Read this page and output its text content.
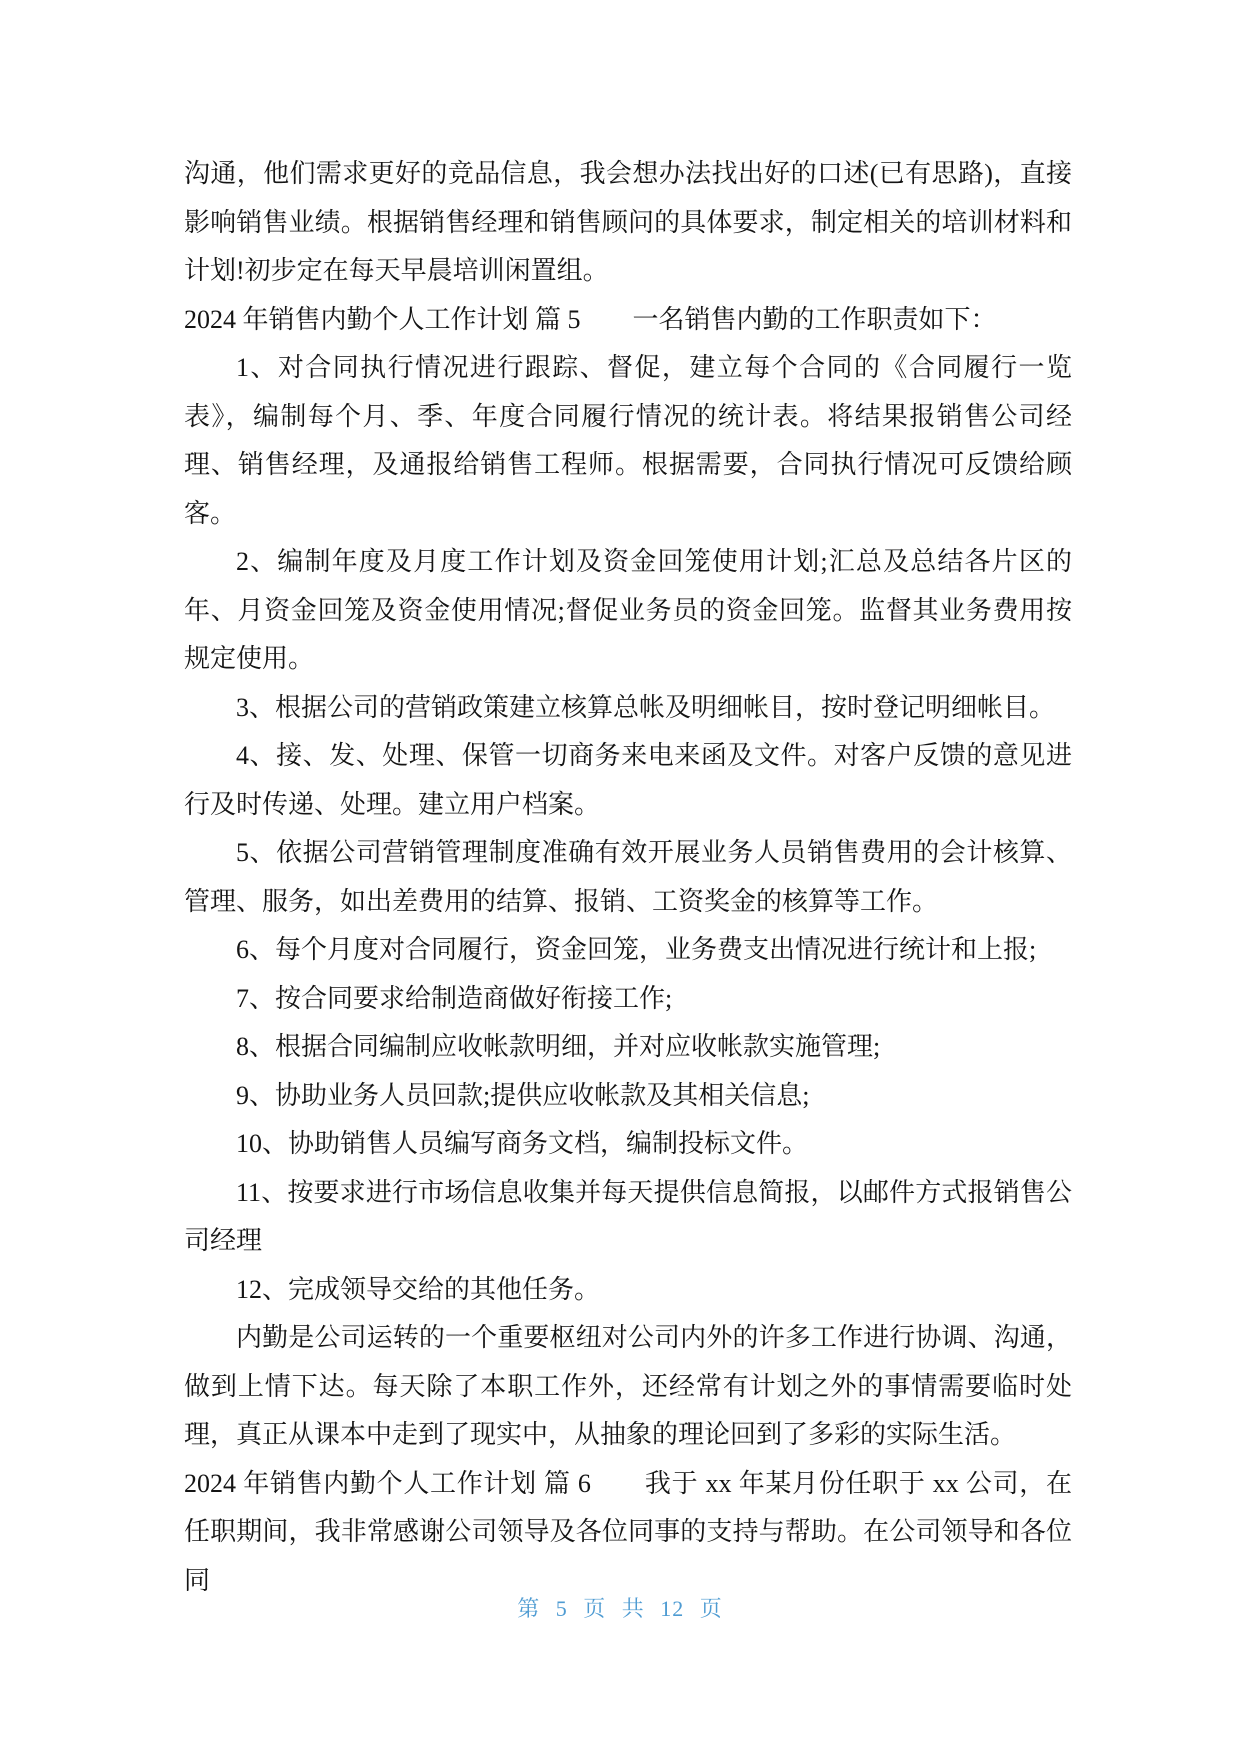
沟通，他们需求更好的竞品信息，我会想办法找出好的口述(已有思路)，直接影响销售业绩。根据销售经理和销售顾问的具体要求，制定相关的培训材料和计划!初步定在每天早晨培训闲置组。
2024 年销售内勤个人工作计划 篇 5　　一名销售内勤的工作职责如下：
1、对合同执行情况进行跟踪、督促，建立每个合同的《合同履行一览表》，编制每个月、季、年度合同履行情况的统计表。将结果报销售公司经理、销售经理，及通报给销售工程师。根据需要，合同执行情况可反馈给顾客。
2、编制年度及月度工作计划及资金回笼使用计划;汇总及总结各片区的年、月资金回笼及资金使用情况;督促业务员的资金回笼。监督其业务费用按规定使用。
3、根据公司的营销政策建立核算总帐及明细帐目，按时登记明细帐目。
4、接、发、处理、保管一切商务来电来函及文件。对客户反馈的意见进行及时传递、处理。建立用户档案。
5、依据公司营销管理制度准确有效开展业务人员销售费用的会计核算、管理、服务，如出差费用的结算、报销、工资奖金的核算等工作。
6、每个月度对合同履行，资金回笼，业务费支出情况进行统计和上报;
7、按合同要求给制造商做好衔接工作;
8、根据合同编制应收帐款明细，并对应收帐款实施管理;
9、协助业务人员回款;提供应收帐款及其相关信息;
10、协助销售人员编写商务文档，编制投标文件。
11、按要求进行市场信息收集并每天提供信息简报，以邮件方式报销售公司经理
12、完成领导交给的其他任务。
内勤是公司运转的一个重要枢纽对公司内外的许多工作进行协调、沟通，做到上情下达。每天除了本职工作外，还经常有计划之外的事情需要临时处理，真正从课本中走到了现实中，从抽象的理论回到了多彩的实际生活。
2024 年销售内勤个人工作计划 篇 6　　我于 xx 年某月份任职于 xx 公司，在任职期间，我非常感谢公司领导及各位同事的支持与帮助。在公司领导和各位同
第 5 页 共 12 页
